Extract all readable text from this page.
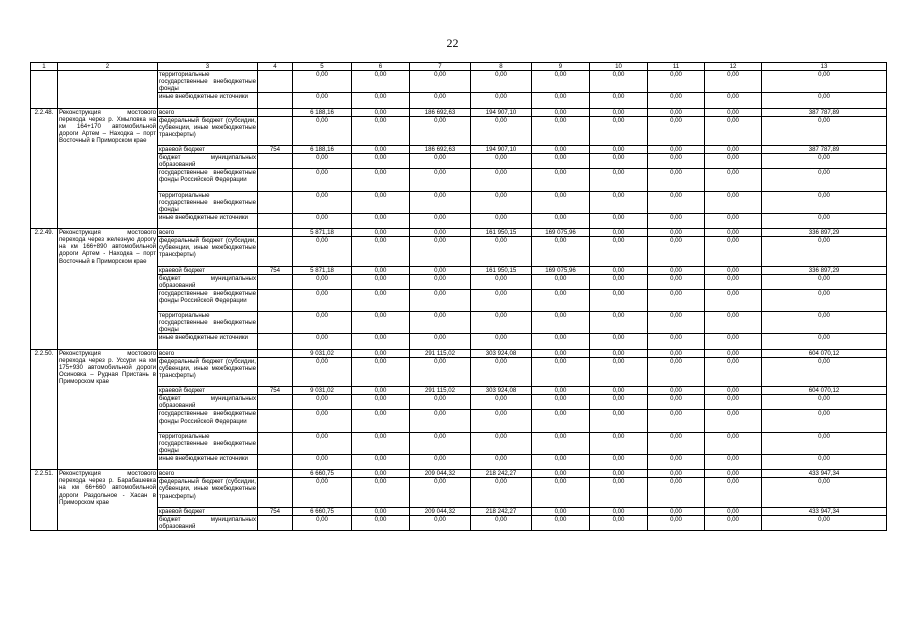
22
1	2	3	4	5	6	7	8	9	10	11	12	13
		территориальные государственные внебюджетные фонды		0,00	0,00	0,00	0,00	0,00	0,00	0,00	0,00	0,00
		иные внебюджетные источники		0,00	0,00	0,00	0,00	0,00	0,00	0,00	0,00	0,00
2.2.48.	Реконструкция мостового перехода через р. Хмыловка на км 164+170 автомобильной дороги Артем – Находка – порт Восточный в Приморском крае	всего		6 188,16	0,00	186 692,63	194 907,10	0,00	0,00	0,00	0,00	387 787,89
		федеральный бюджет (субсидии, субвенции, иные межбюджетные трансферты)		0,00	0,00	0,00	0,00	0,00	0,00	0,00	0,00	0,00
		краевой бюджет	754	6 188,16	0,00	186 692,63	194 907,10	0,00	0,00	0,00	0,00	387 787,89
		бюджет муниципальных образований		0,00	0,00	0,00	0,00	0,00	0,00	0,00	0,00	0,00
		государственные внебюджетные фонды Российской Федерации		0,00	0,00	0,00	0,00	0,00	0,00	0,00	0,00	0,00
		территориальные государственные внебюджетные фонды		0,00	0,00	0,00	0,00	0,00	0,00	0,00	0,00	0,00
		иные внебюджетные источники		0,00	0,00	0,00	0,00	0,00	0,00	0,00	0,00	0,00
2.2.49.	Реконструкция мостового перехода через железную дорогу на км 166+890 автомобильной дороги Артем - Находка – порт Восточный в Приморском крае	всего		5 871,18	0,00	0,00	161 950,15	169 075,96	0,00	0,00	0,00	336 897,29
		федеральный бюджет (субсидии, субвенции, иные межбюджетные трансферты)		0,00	0,00	0,00	0,00	0,00	0,00	0,00	0,00	0,00
		краевой бюджет	754	5 871,18	0,00	0,00	161 950,15	169 075,96	0,00	0,00	0,00	336 897,29
		бюджет муниципальных образований		0,00	0,00	0,00	0,00	0,00	0,00	0,00	0,00	0,00
		государственные внебюджетные фонды Российской Федерации		0,00	0,00	0,00	0,00	0,00	0,00	0,00	0,00	0,00
		территориальные государственные внебюджетные фонды		0,00	0,00	0,00	0,00	0,00	0,00	0,00	0,00	0,00
		иные внебюджетные источники		0,00	0,00	0,00	0,00	0,00	0,00	0,00	0,00	0,00
2.2.50.	Реконструкция мостового перехода через р. Уссури на км 175+930 автомобильной дороги Осиновка – Рудная Пристань в Приморском крае	всего		9 031,02	0,00	291 115,02	303 924,08	0,00	0,00	0,00	0,00	604 070,12
		федеральный бюджет (субсидии, субвенции, иные межбюджетные трансферты)		0,00	0,00	0,00	0,00	0,00	0,00	0,00	0,00	0,00
		краевой бюджет	754	9 031,02	0,00	291 115,02	303 924,08	0,00	0,00	0,00	0,00	604 070,12
		бюджет муниципальных образований		0,00	0,00	0,00	0,00	0,00	0,00	0,00	0,00	0,00
		государственные внебюджетные фонды Российской Федерации		0,00	0,00	0,00	0,00	0,00	0,00	0,00	0,00	0,00
		территориальные государственные внебюджетные фонды		0,00	0,00	0,00	0,00	0,00	0,00	0,00	0,00	0,00
		иные внебюджетные источники		0,00	0,00	0,00	0,00	0,00	0,00	0,00	0,00	0,00
2.2.51.	Реконструкция мостового перехода через р. Барабашевка на км 66+660 автомобильной дороги Раздольное - Хасан в Приморском крае	всего		6 660,75	0,00	209 044,32	218 242,27	0,00	0,00	0,00	0,00	433 947,34
		федеральный бюджет (субсидии, субвенции, иные межбюджетные трансферты)		0,00	0,00	0,00	0,00	0,00	0,00	0,00	0,00	0,00
		краевой бюджет	754	6 660,75	0,00	209 044,32	218 242,27	0,00	0,00	0,00	0,00	433 947,34
		бюджет муниципальных образований		0,00	0,00	0,00	0,00	0,00	0,00	0,00	0,00	0,00
